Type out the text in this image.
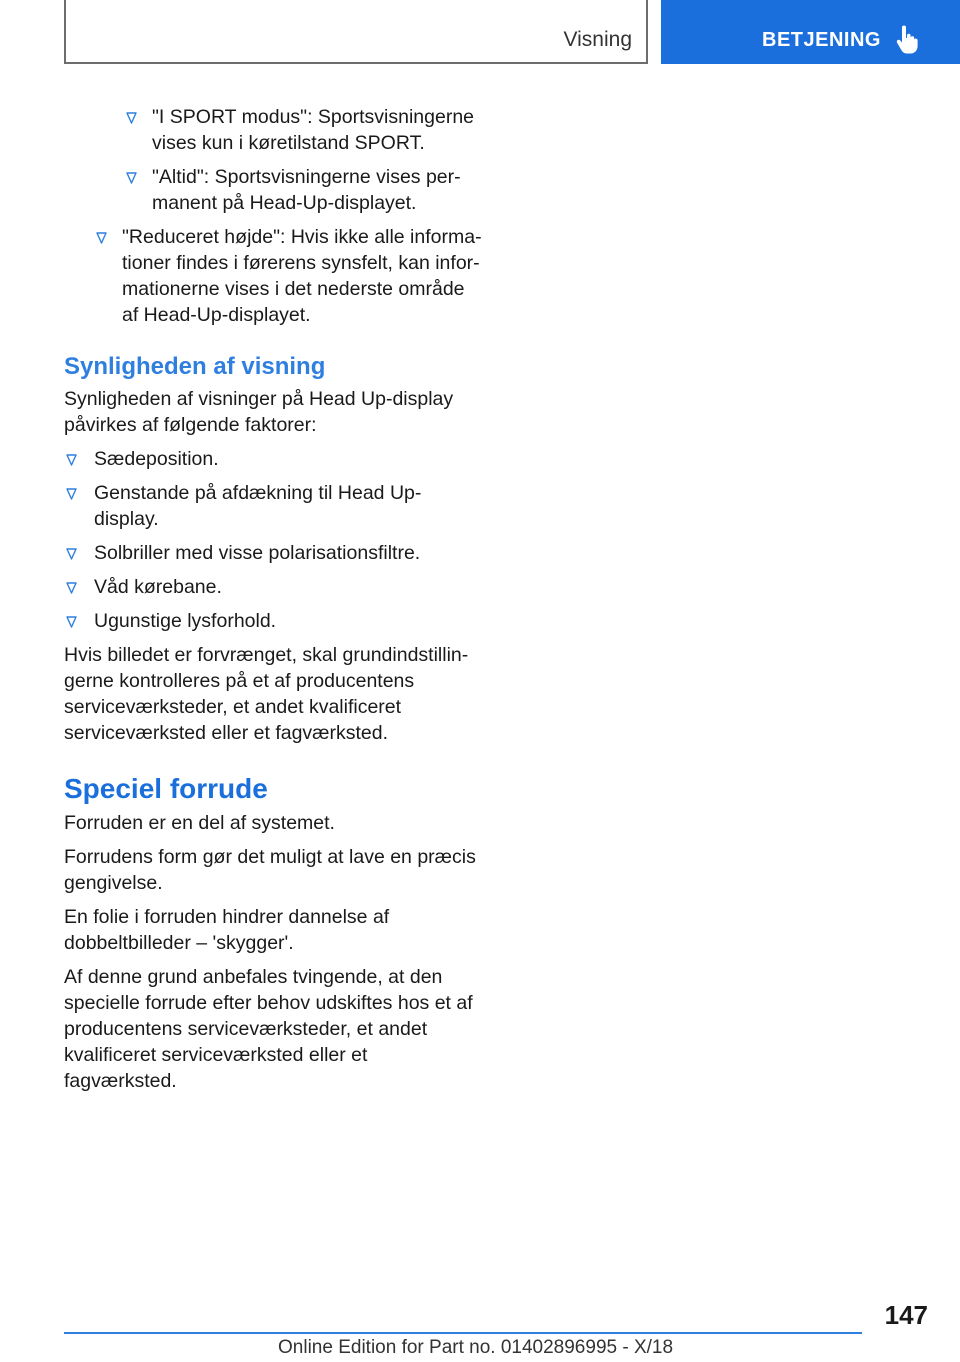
Visning	BETJENING
"I SPORT modus": Sportsvisningerne vises kun i køretilstand SPORT.
"Altid": Sportsvisningerne vises permanent på Head-Up-displayet.
"Reduceret højde": Hvis ikke alle informationer findes i førerens synsfelt, kan informationerne vises i det nederste område af Head-Up-displayet.
Synligheden af visning
Synligheden af visninger på Head Up-display påvirkes af følgende faktorer:
Sædeposition.
Genstande på afdækning til Head Up-display.
Solbriller med visse polarisationsfiltre.
Våd kørebane.
Ugunstige lysforhold.
Hvis billedet er forvrænget, skal grundindstillingerne kontrolleres på et af producentens serviceværksteder, et andet kvalificeret serviceværksted eller et fagværksted.
Speciel forrude
Forruden er en del af systemet.
Forrudens form gør det muligt at lave en præcis gengivelse.
En folie i forruden hindrer dannelse af dobbeltbilleder – 'skygger'.
Af denne grund anbefales tvingende, at den specielle forrude efter behov udskiftes hos et af producentens serviceværksteder, et andet kvalificeret serviceværksted eller et fagværksted.
147
Online Edition for Part no. 01402896995 - X/18
